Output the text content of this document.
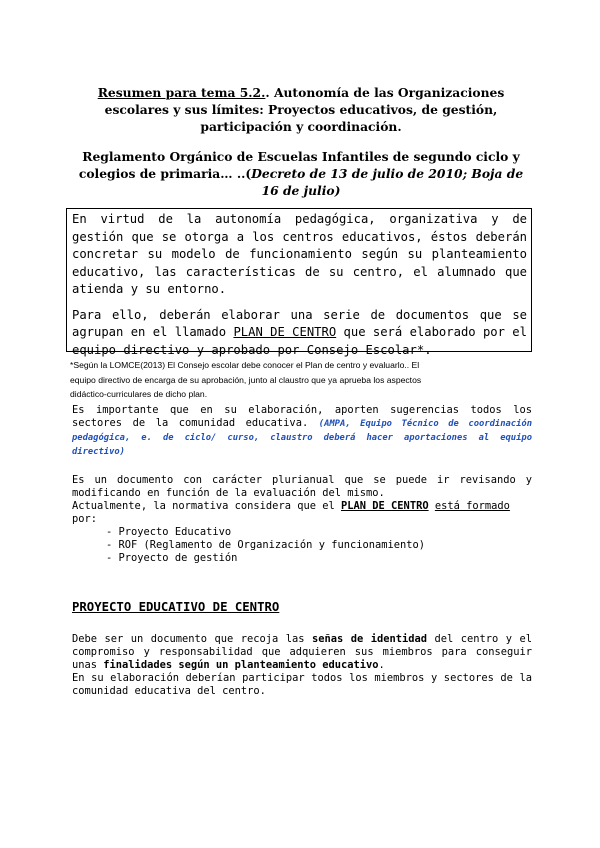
Resumen para tema 5.2.. Autonomía de las Organizaciones escolares y sus límites: Proyectos educativos, de gestión, participación y coordinación.
Reglamento Orgánico de Escuelas Infantiles de segundo ciclo y colegios de primaria… ..(Decreto de 13 de julio de 2010; Boja de 16 de julio)

En virtud de la autonomía pedagógica, organizativa y de gestión que se otorga a los centros educativos, éstos deberán concretar su modelo de funcionamiento según su planteamiento educativo, las características de su centro, el alumnado que atienda y su entorno.

Para ello, deberán elaborar una serie de documentos que se agrupan en el llamado PLAN DE CENTRO que será elaborado por el equipo directivo y aprobado por Consejo Escolar*.

*Según la LOMCE(2013) El Consejo escolar debe conocer el Plan de centro y evaluarlo.. El
equipo directivo de encarga de su aprobación, junto al claustro que ya aprueba los aspectos
didáctico-curriculares de dicho plan.
Es importante que en su elaboración, aporten sugerencias todos los sectores de la comunidad educativa. (AMPA, Equipo Técnico de coordinación pedagógica, e. de ciclo/ curso, claustro deberá hacer aportaciones al equipo directivo)
Es un documento con carácter plurianual que se puede ir revisando y modificando en función de la evaluación del mismo.
Actualmente, la normativa considera que el PLAN DE CENTRO está formado por:
- Proyecto Educativo
- ROF (Reglamento de Organización y funcionamiento)
- Proyecto de gestión
PROYECTO EDUCATIVO DE CENTRO
Debe ser un documento que recoja las señas de identidad del centro y el compromiso y responsabilidad que adquieren sus miembros para conseguir unas finalidades según un planteamiento educativo.
En su elaboración deberían participar todos los miembros y sectores de la comunidad educativa del centro.
